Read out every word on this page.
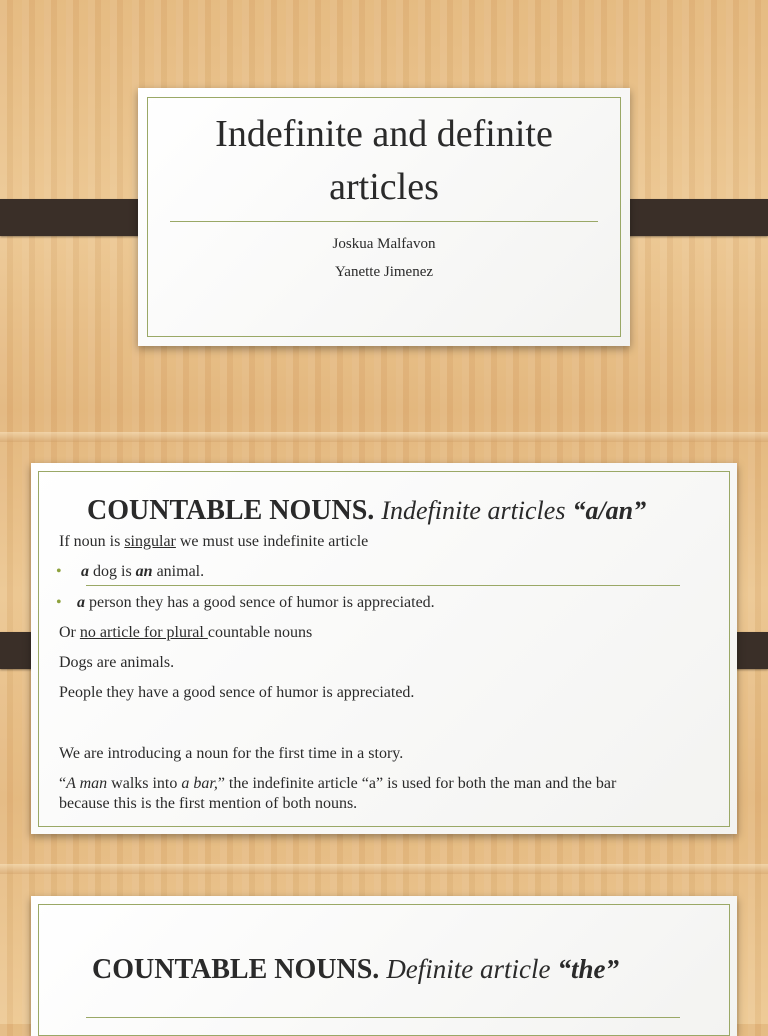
Indefinite and definite
articles
Joskua Malfavon
Yanette Jimenez
COUNTABLE NOUNS. Indefinite articles “a/an”
If noun is singular we must use indefinite article
• a dog is an animal.
• a person they has a good sence of humor is appreciated.
Or no article for plural countable nouns
Dogs are animals.
People they have a good sence of humor is appreciated.
We are introducing a noun for the first time in a story.
“A man walks into a bar,” the indefinite article “a” is used for both the man and the bar
because this is the first mention of both nouns.
COUNTABLE NOUNS. Definite article “the”
